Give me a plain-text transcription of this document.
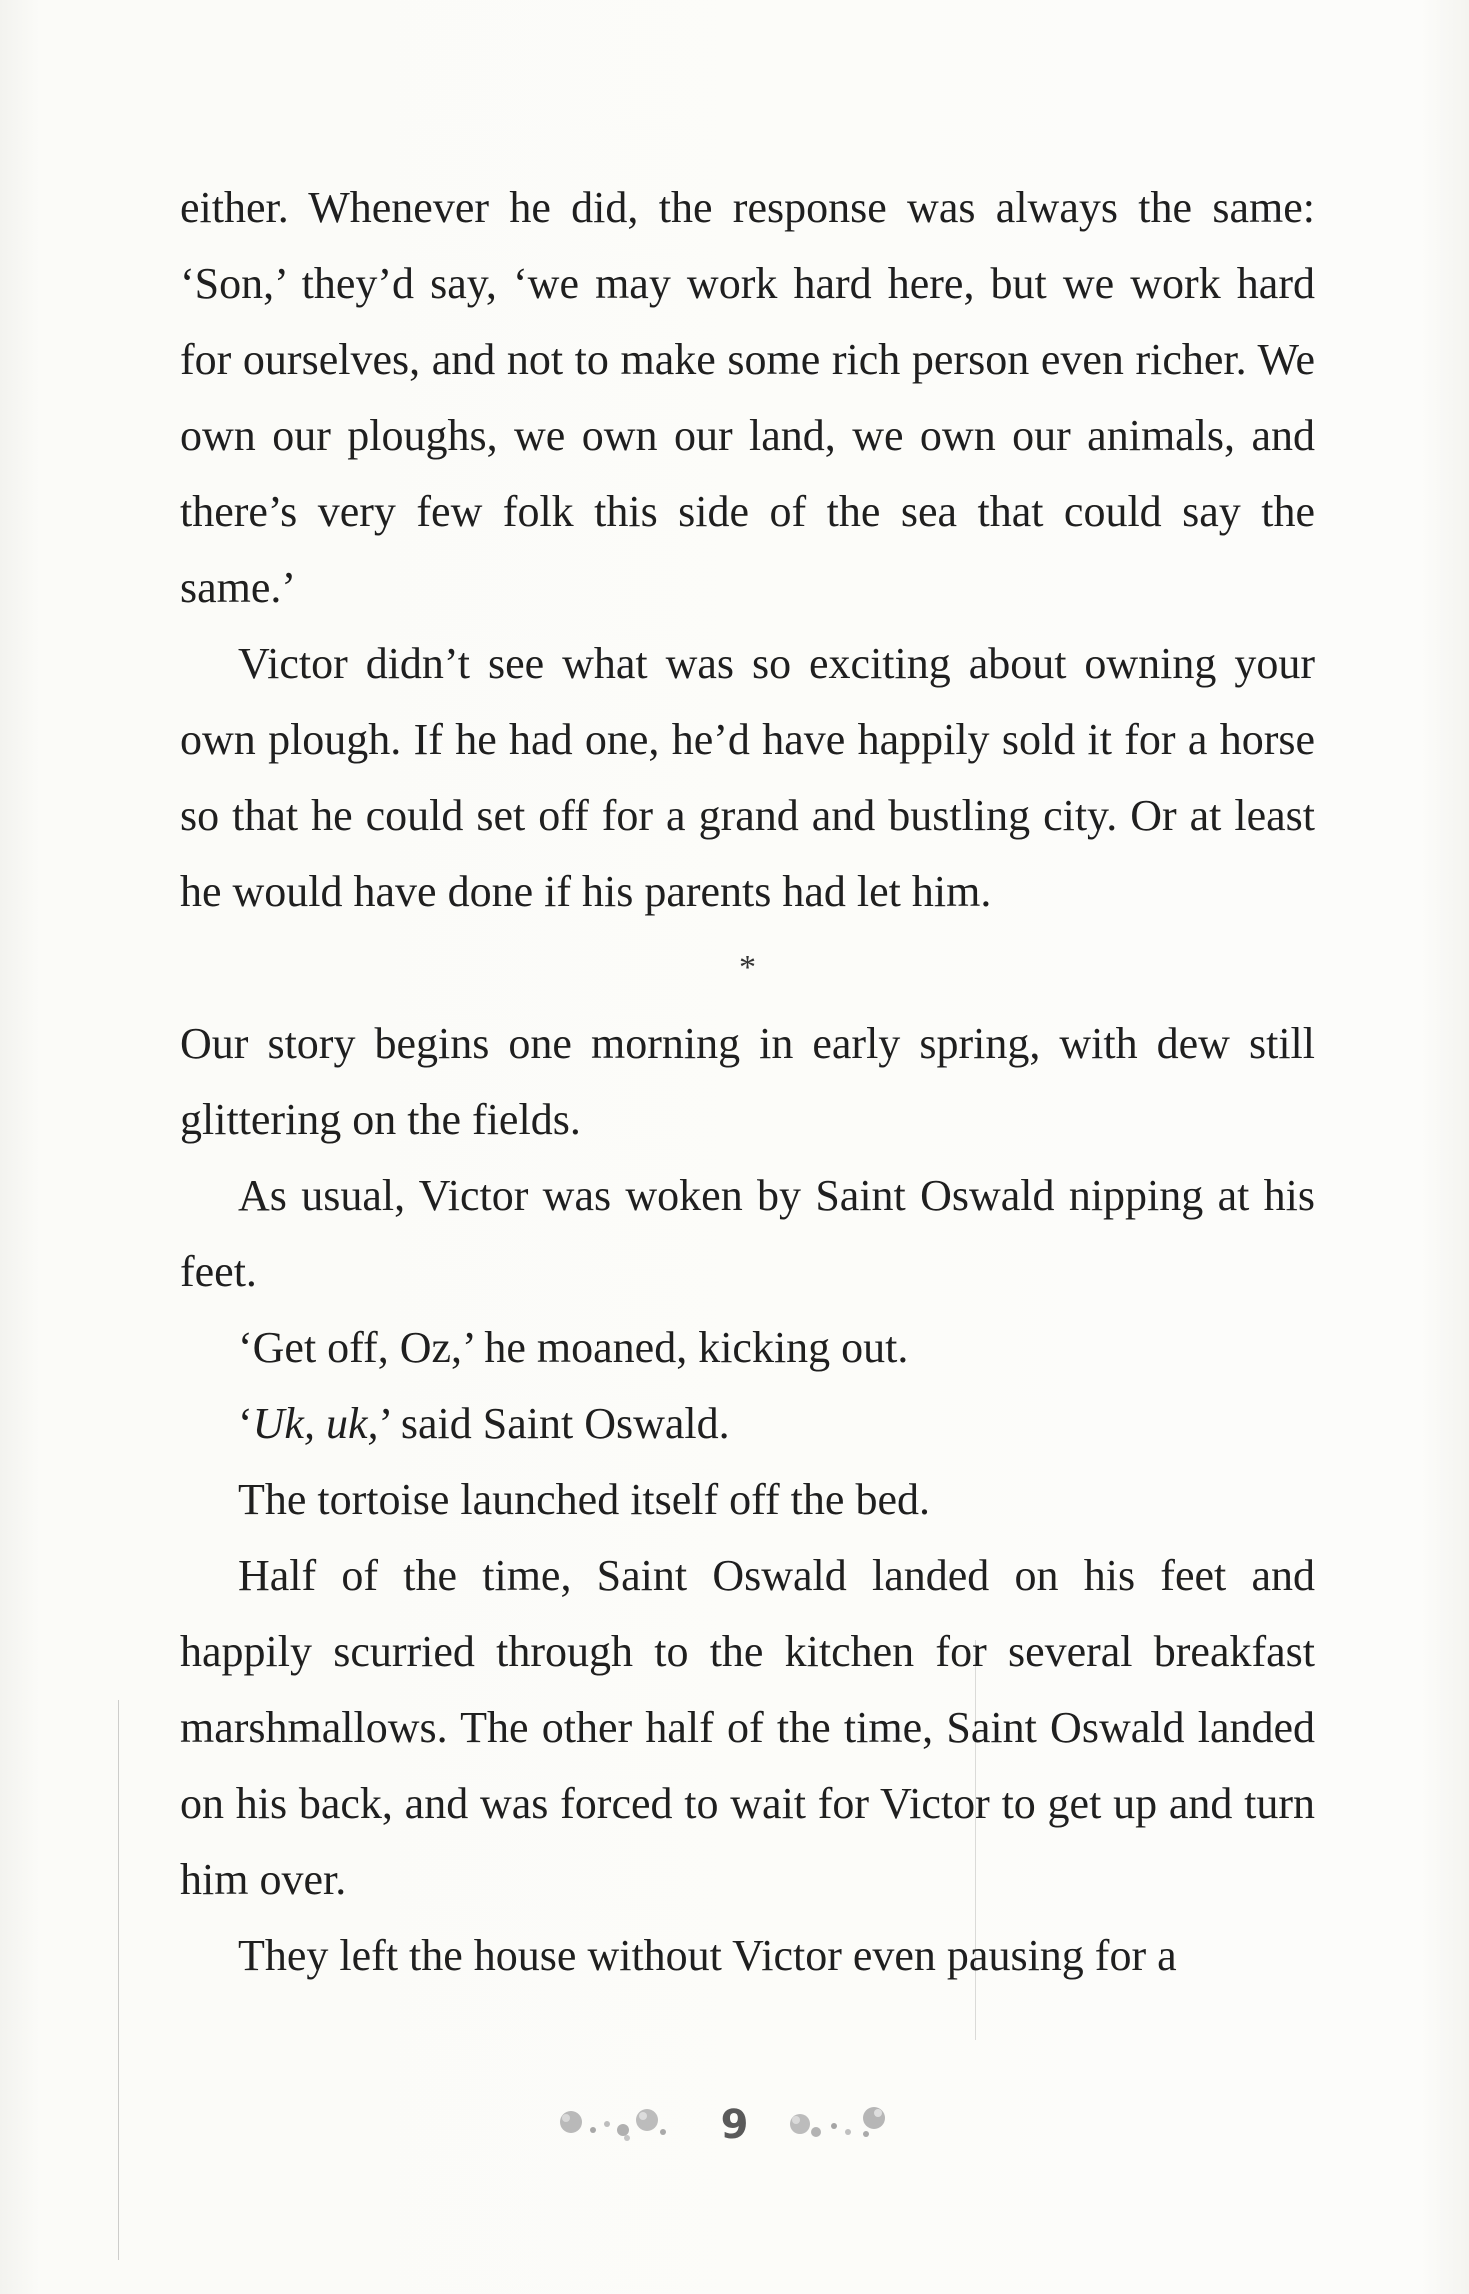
either. Whenever he did, the response was always the same: ‘Son,’ they’d say, ‘we may work hard here, but we work hard for ourselves, and not to make some rich person even richer. We own our ploughs, we own our land, we own our animals, and there’s very few folk this side of the sea that could say the same.’

Victor didn’t see what was so exciting about owning your own plough. If he had one, he’d have happily sold it for a horse so that he could set off for a grand and bustling city. Or at least he would have done if his parents had let him.

*

Our story begins one morning in early spring, with dew still glittering on the fields.

As usual, Victor was woken by Saint Oswald nipping at his feet.

‘Get off, Oz,’ he moaned, kicking out.

‘Uk, uk,’ said Saint Oswald.

The tortoise launched itself off the bed.

Half of the time, Saint Oswald landed on his feet and happily scurried through to the kitchen for several breakfast marshmallows. The other half of the time, Saint Oswald landed on his back, and was forced to wait for Victor to get up and turn him over.

They left the house without Victor even pausing for a

9
